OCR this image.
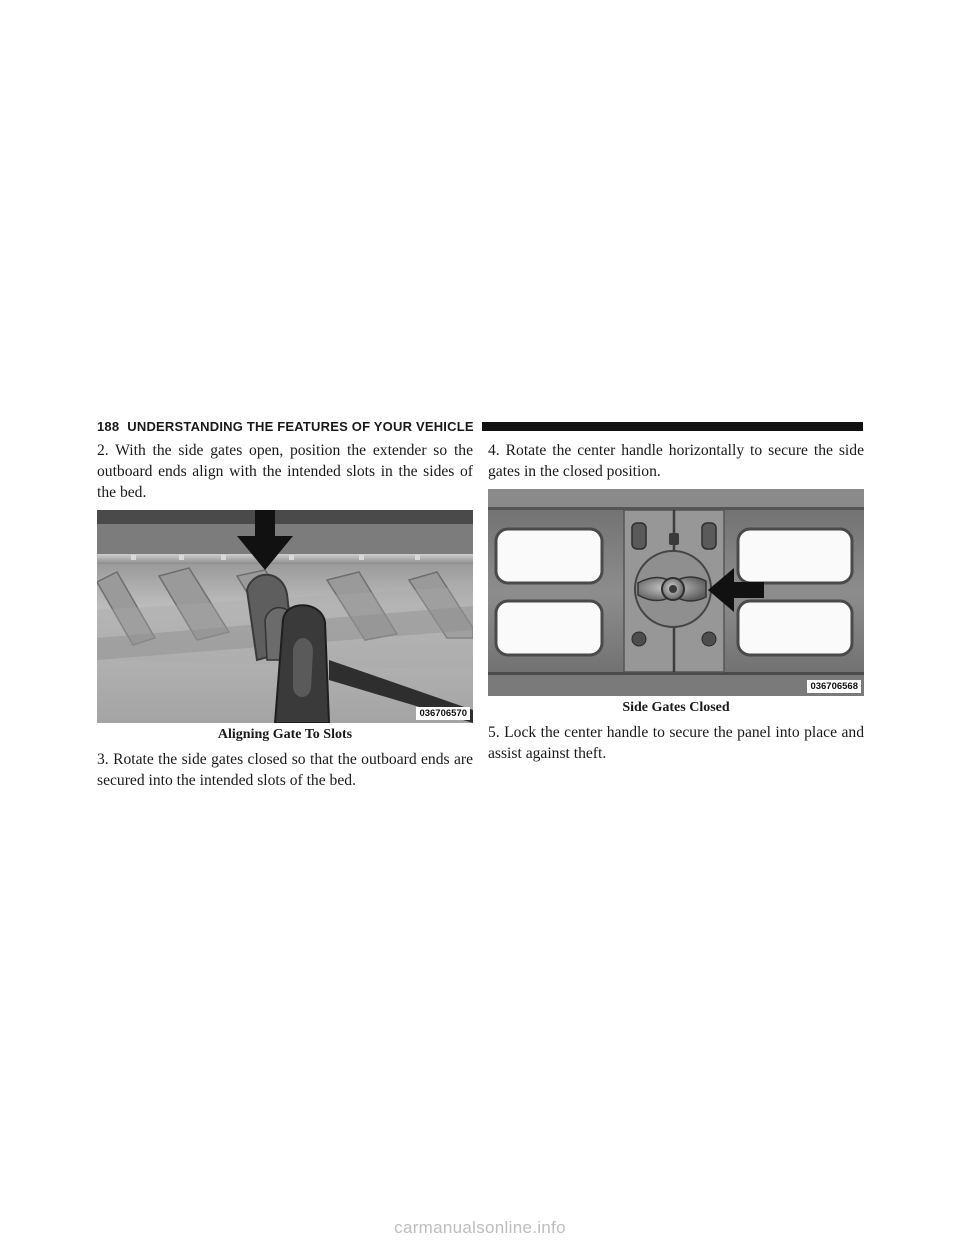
188 UNDERSTANDING THE FEATURES OF YOUR VEHICLE

2. With the side gates open, position the extender so the outboard ends align with the intended slots in the sides of the bed.

036706570
Aligning Gate To Slots

3. Rotate the side gates closed so that the outboard ends are secured into the intended slots of the bed.

4. Rotate the center handle horizontally to secure the side gates in the closed position.

036706568
Side Gates Closed

5. Lock the center handle to secure the panel into place and assist against theft.

carmanualsonline.info
